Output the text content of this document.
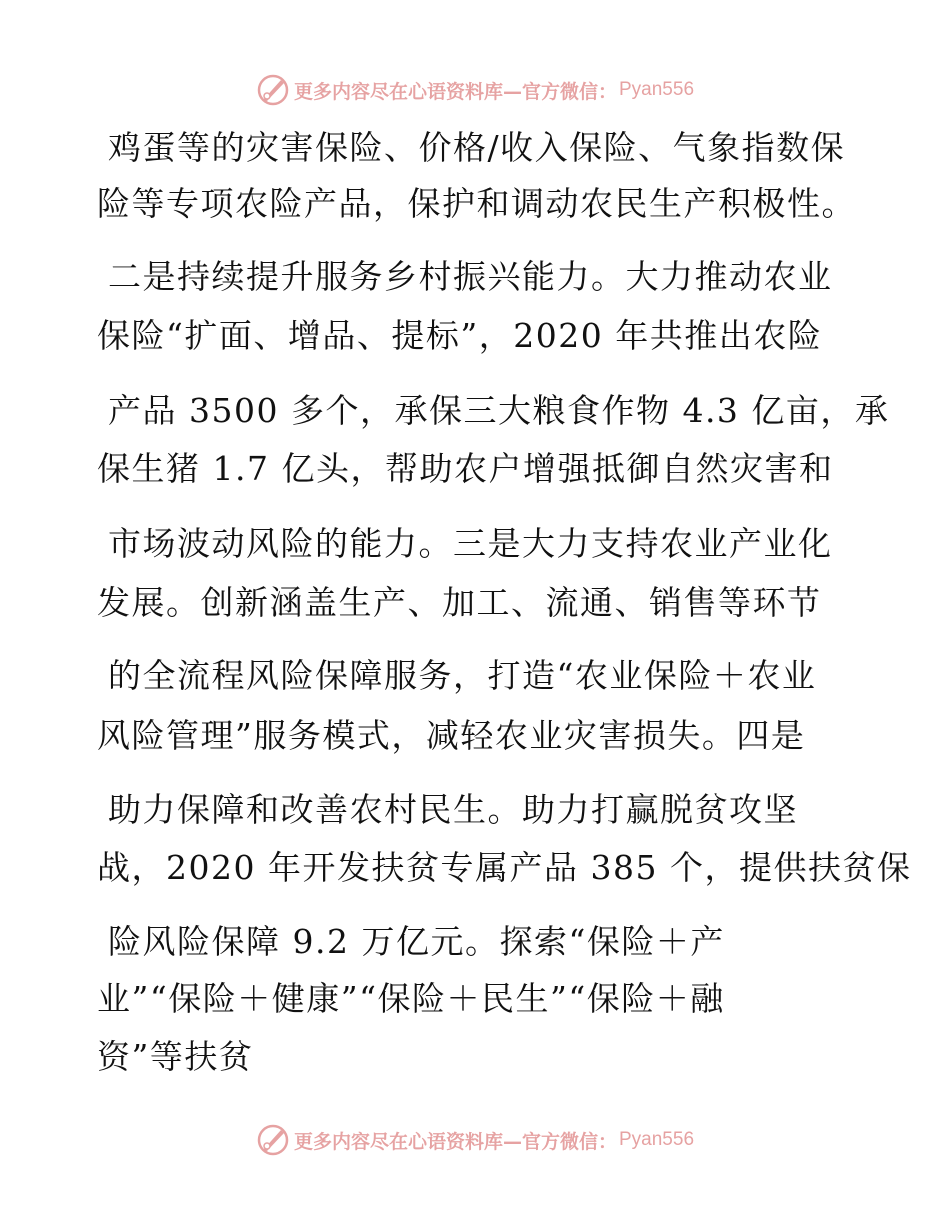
更多内容尽在心语资料库—官方微信： Pyan556
鸡蛋等的灾害保险、价格/收入保险、气象指数保
险等专项农险产品，保护和调动农民生产积极性。
二是持续提升服务乡村振兴能力。大力推动农业
保险“扩面、增品、提标”，2020 年共推出农险
产品 3500 多个，承保三大粮食作物 4.3 亿亩，承
保生猪 1.7 亿头，帮助农户增强抵御自然灾害和
市场波动风险的能力。三是大力支持农业产业化
发展。创新涵盖生产、加工、流通、销售等环节
的全流程风险保障服务，打造“农业保险＋农业
风险管理”服务模式，减轻农业灾害损失。四是
助力保障和改善农村民生。助力打赢脱贫攻坚
战，2020 年开发扶贫专属产品 385 个，提供扶贫保
险风险保障 9.2 万亿元。探索“保险＋产
业”“保险＋健康”“保险＋民生”“保险＋融
资”等扶贫
更多内容尽在心语资料库—官方微信： Pyan556
